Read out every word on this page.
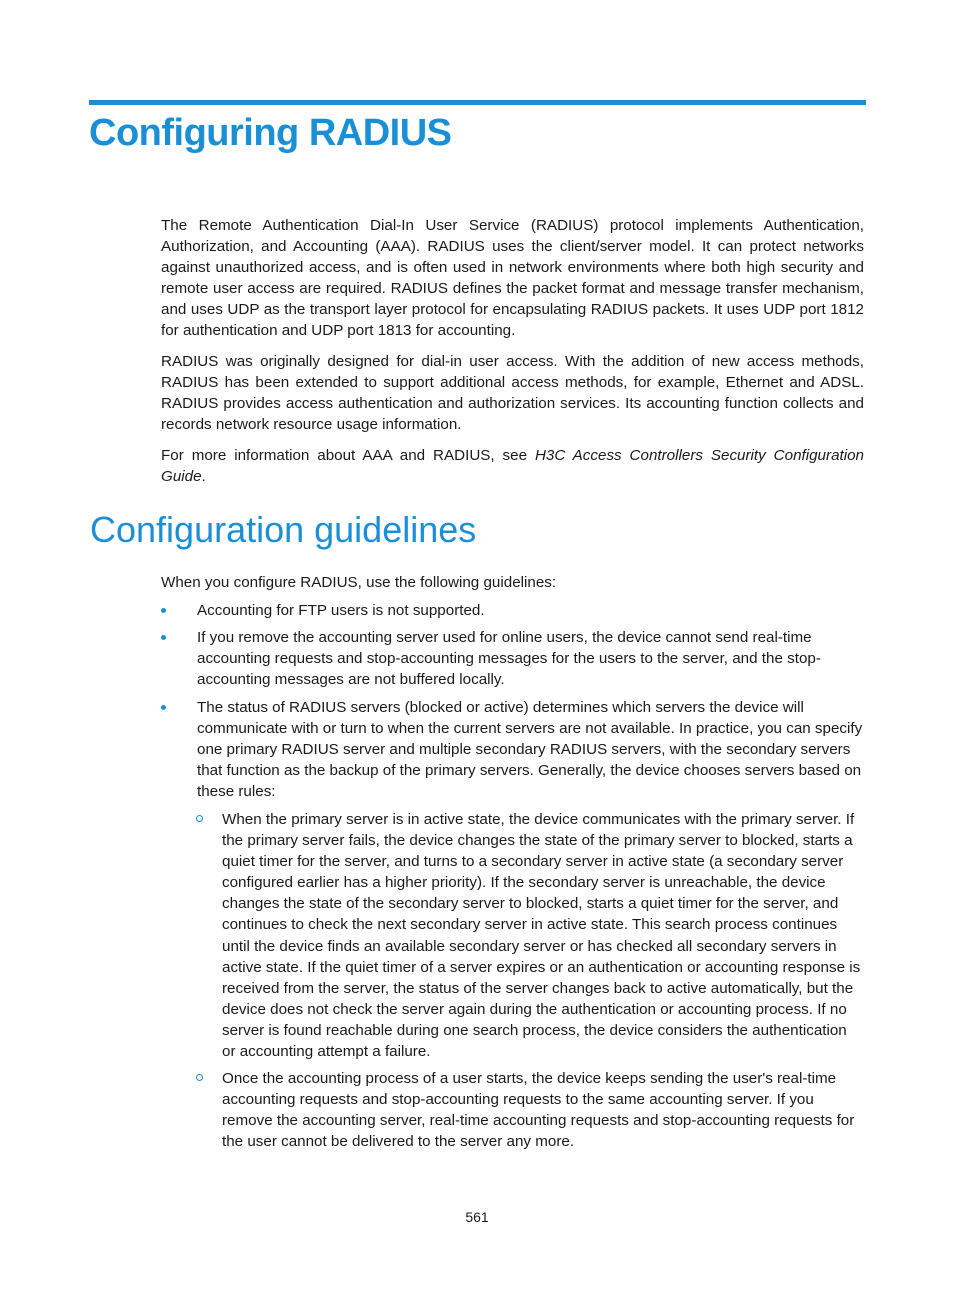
Configuring RADIUS

The Remote Authentication Dial-In User Service (RADIUS) protocol implements Authentication, Authorization, and Accounting (AAA). RADIUS uses the client/server model. It can protect networks against unauthorized access, and is often used in network environments where both high security and remote user access are required. RADIUS defines the packet format and message transfer mechanism, and uses UDP as the transport layer protocol for encapsulating RADIUS packets. It uses UDP port 1812 for authentication and UDP port 1813 for accounting.

RADIUS was originally designed for dial-in user access. With the addition of new access methods, RADIUS has been extended to support additional access methods, for example, Ethernet and ADSL. RADIUS provides access authentication and authorization services. Its accounting function collects and records network resource usage information.

For more information about AAA and RADIUS, see H3C Access Controllers Security Configuration Guide.

Configuration guidelines

When you configure RADIUS, use the following guidelines:

Accounting for FTP users is not supported.

If you remove the accounting server used for online users, the device cannot send real-time accounting requests and stop-accounting messages for the users to the server, and the stop-accounting messages are not buffered locally.

The status of RADIUS servers (blocked or active) determines which servers the device will communicate with or turn to when the current servers are not available. In practice, you can specify one primary RADIUS server and multiple secondary RADIUS servers, with the secondary servers that function as the backup of the primary servers. Generally, the device chooses servers based on these rules:

When the primary server is in active state, the device communicates with the primary server. If the primary server fails, the device changes the state of the primary server to blocked, starts a quiet timer for the server, and turns to a secondary server in active state (a secondary server configured earlier has a higher priority). If the secondary server is unreachable, the device changes the state of the secondary server to blocked, starts a quiet timer for the server, and continues to check the next secondary server in active state. This search process continues until the device finds an available secondary server or has checked all secondary servers in active state. If the quiet timer of a server expires or an authentication or accounting response is received from the server, the status of the server changes back to active automatically, but the device does not check the server again during the authentication or accounting process. If no server is found reachable during one search process, the device considers the authentication or accounting attempt a failure.

Once the accounting process of a user starts, the device keeps sending the user's real-time accounting requests and stop-accounting requests to the same accounting server. If you remove the accounting server, real-time accounting requests and stop-accounting requests for the user cannot be delivered to the server any more.

561
